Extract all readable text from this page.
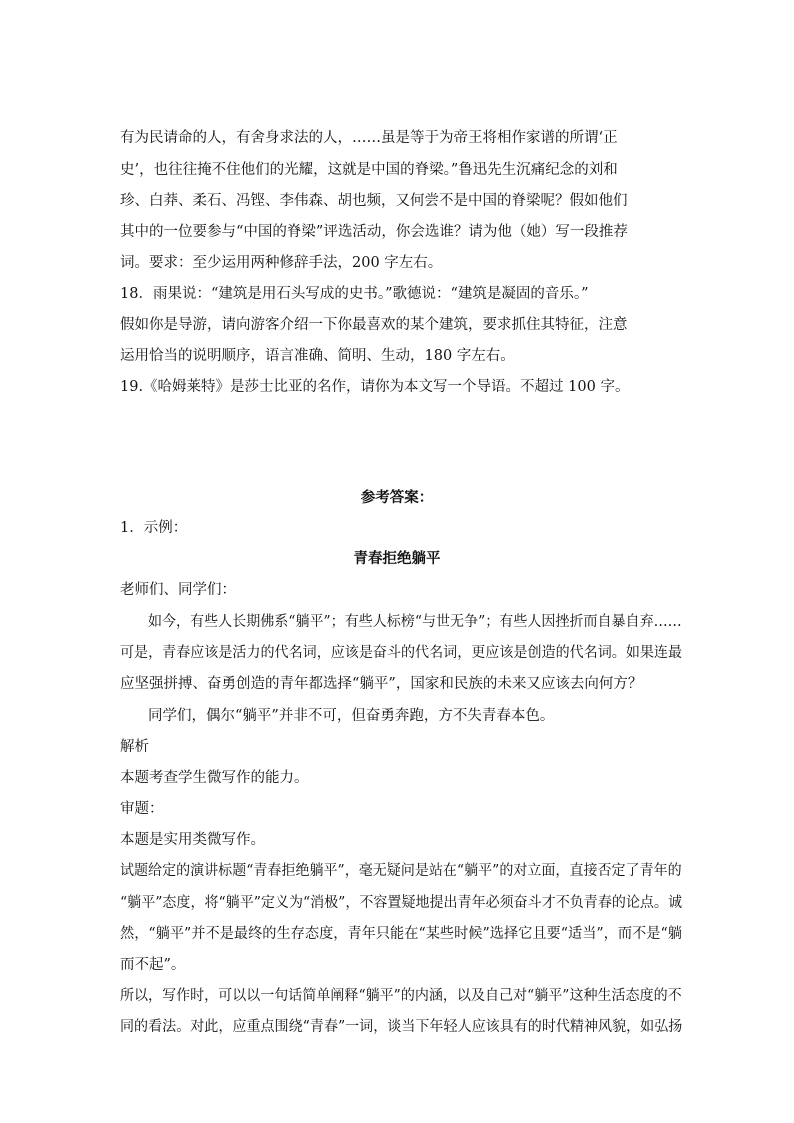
有为民请命的人，有舍身求法的人，……虽是等于为帝王将相作家谱的所谓‘正
史’，也往往掩不住他们的光耀，这就是中国的脊梁。”鲁迅先生沉痛纪念的刘和
珍、白莽、柔石、冯铿、李伟森、胡也频，又何尝不是中国的脊梁呢？假如他们
其中的一位要参与“中国的脊梁”评选活动，你会选谁？请为他（她）写一段推荐
词。要求：至少运用两种修辞手法，200 字左右。
18．雨果说：“建筑是用石头写成的史书。”歌德说：“建筑是凝固的音乐。”
假如你是导游，请向游客介绍一下你最喜欢的某个建筑，要求抓住其特征，注意
运用恰当的说明顺序，语言准确、简明、生动，180 字左右。
19.《哈姆莱特》是莎士比亚的名作，请你为本文写一个导语。不超过 100 字。
参考答案：
1．示例：
青春拒绝躺平
老师们、同学们：
如今，有些人长期佛系“躺平”；有些人标榜“与世无争”；有些人因挫折而自暴自弃……
可是，青春应该是活力的代名词，应该是奋斗的代名词，更应该是创造的代名词。如果连最
应坚强拼搏、奋勇创造的青年都选择“躺平”，国家和民族的未来又应该去向何方？
同学们，偶尔“躺平”并非不可，但奋勇奔跑，方不失青春本色。
解析
本题考查学生微写作的能力。
审题：
本题是实用类微写作。
试题给定的演讲标题“青春拒绝躺平”，毫无疑问是站在“躺平”的对立面，直接否定了青年的
“躺平”态度，将“躺平”定义为“消极”，不容置疑地提出青年必须奋斗才不负青春的论点。诚
然，“躺平”并不是最终的生存态度，青年只能在“某些时候”选择它且要“适当”，而不是“躺
而不起”。
所以，写作时，可以以一句话简单阐释“躺平”的内涵，以及自己对“躺平”这种生活态度的不
同的看法。对此，应重点围绕“青春”一词，谈当下年轻人应该具有的时代精神风貌，如弘扬
